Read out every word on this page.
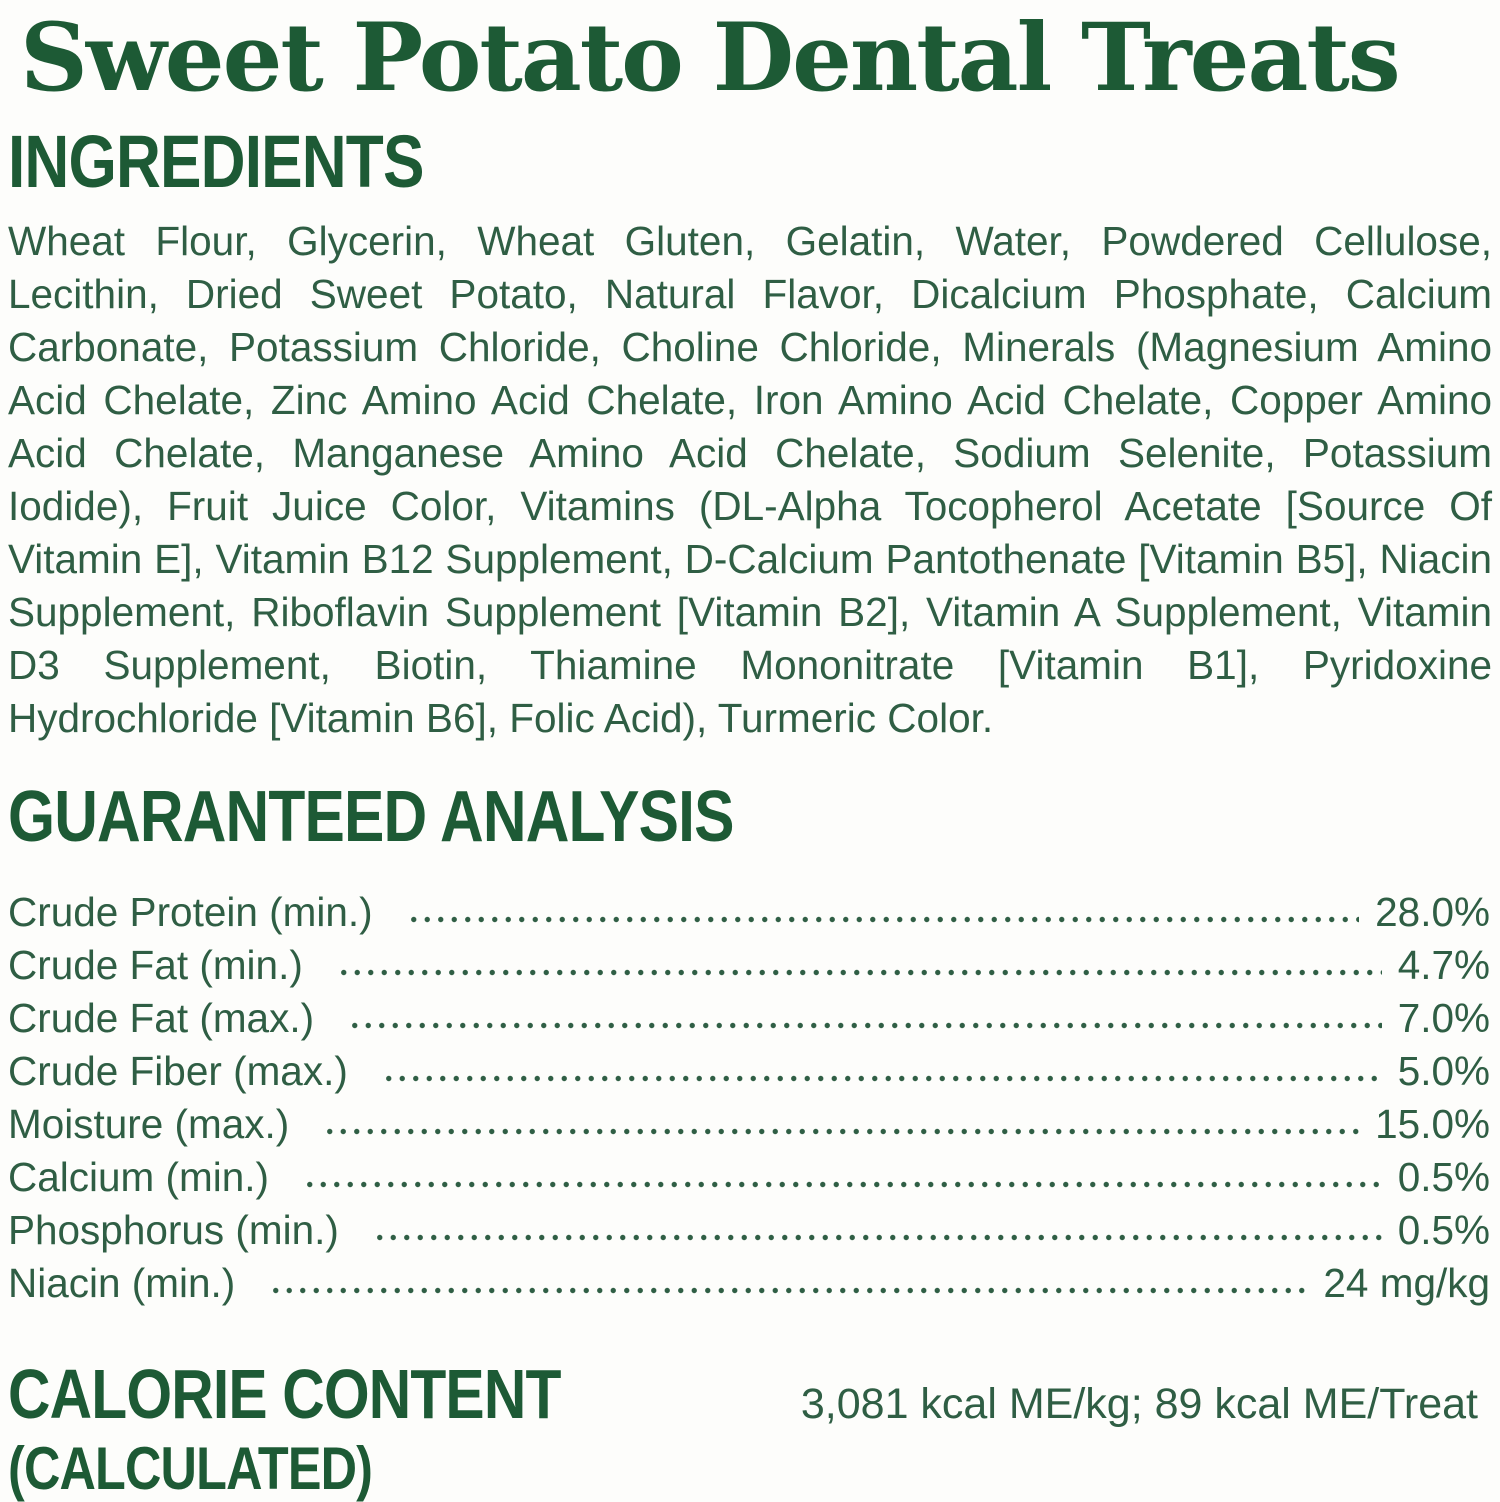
Sweet Potato Dental Treats
INGREDIENTS

Wheat Flour, Glycerin, Wheat Gluten, Gelatin, Water, Powdered Cellulose, Lecithin, Dried Sweet Potato, Natural Flavor, Dicalcium Phosphate, Calcium Carbonate, Potassium Chloride, Choline Chloride, Minerals (Magnesium Amino Acid Chelate, Zinc Amino Acid Chelate, Iron Amino Acid Chelate, Copper Amino Acid Chelate, Manganese Amino Acid Chelate, Sodium Selenite, Potassium Iodide), Fruit Juice Color, Vitamins (DL-Alpha Tocopherol Acetate [Source Of Vitamin E], Vitamin B12 Supplement, D-Calcium Pantothenate [Vitamin B5], Niacin Supplement, Riboflavin Supplement [Vitamin B2], Vitamin A Supplement, Vitamin D3 Supplement, Biotin, Thiamine Mononitrate [Vitamin B1], Pyridoxine Hydrochloride [Vitamin B6], Folic Acid), Turmeric Color.

GUARANTEED ANALYSIS
Crude Protein (min.)	28.0%
Crude Fat (min.)	4.7%
Crude Fat (max.)	7.0%
Crude Fiber (max.)	5.0%
Moisture (max.)	15.0%
Calcium (min.)	0.5%
Phosphorus (min.)	0.5%
Niacin (min.)	24 mg/kg
CALORIE CONTENT
(CALCULATED)
3,081 kcal ME/kg; 89 kcal ME/Treat
